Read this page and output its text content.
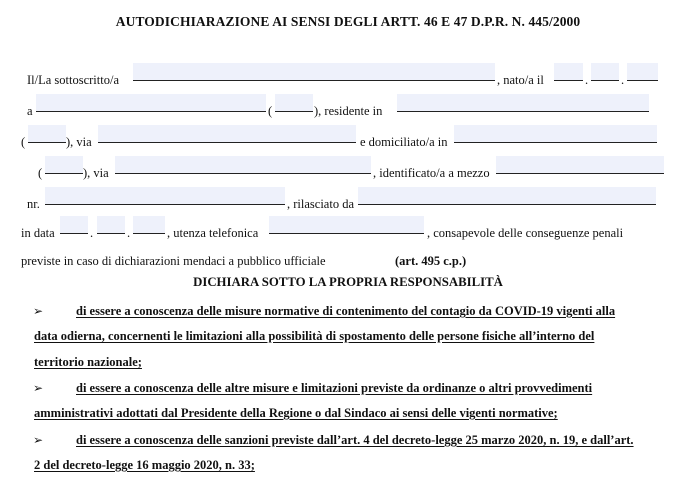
AUTODICHIARAZIONE AI SENSI DEGLI ARTT. 46 E 47 D.P.R. N. 445/2000
Il/La sottoscritto/a	, nato/a il	.	.
a	(	), residente in
(	), via	e domiciliato/a in
(	), via	, identificato/a a mezzo
nr.	, rilasciato da
in data	.	.	, utenza telefonica	, consapevole delle conseguenze penali
previste in caso di dichiarazioni mendaci a pubblico ufficiale	(art. 495 c.p.)
DICHIARA SOTTO LA PROPRIA RESPONSABILITÀ
➢	di essere a conoscenza delle misure normative di contenimento del contagio da COVID-19 vigenti alla
data odierna, concernenti le limitazioni alla possibilità di spostamento delle persone fisiche all’interno del
territorio nazionale;
➢	di essere a conoscenza delle altre misure e limitazioni previste da ordinanze o altri provvedimenti
amministrativi adottati dal Presidente della Regione o dal Sindaco ai sensi delle vigenti normative;
➢	di essere a conoscenza delle sanzioni previste dall’art. 4 del decreto-legge 25 marzo 2020, n. 19, e dall’art.
2 del decreto-legge 16 maggio 2020, n. 33;
